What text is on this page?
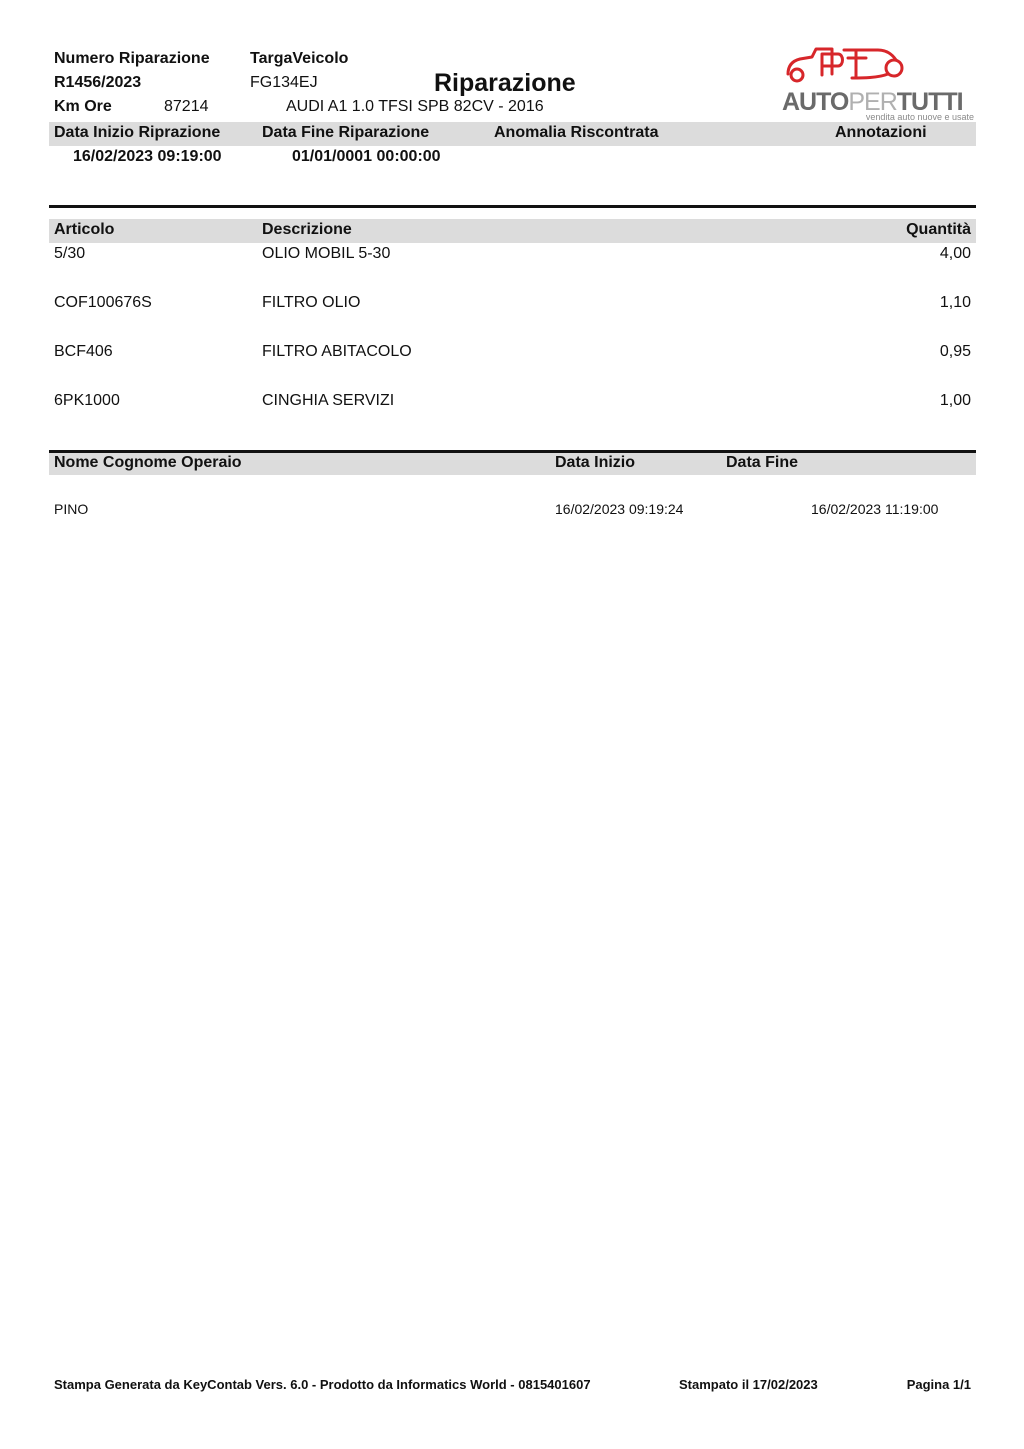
Numero Riparazione
R1456/2023
Km Ore	87214
TargaVeicolo
FG134EJ	Riparazione
AUDI A1 1.0 TFSI SPB 82CV - 2016	AUTOPERTUTTI
vendita auto nuove e usate
Data Inizio Riprazione	Data Fine Riparazione	Anomalia Riscontrata	Annotazioni
16/02/2023 09:19:00	01/01/0001 00:00:00
Articolo	Descrizione	Quantità
5/30	OLIO MOBIL 5-30	4,00
COF100676S	FILTRO OLIO	1,10
BCF406	FILTRO ABITACOLO	0,95
6PK1000	CINGHIA SERVIZI	1,00
Nome Cognome Operaio	Data Inizio	Data Fine
PINO	16/02/2023 09:19:24	16/02/2023 11:19:00
Stampa Generata da KeyContab Vers. 6.0 - Prodotto da Informatics World - 0815401607	Stampato il 17/02/2023	Pagina 1/1
